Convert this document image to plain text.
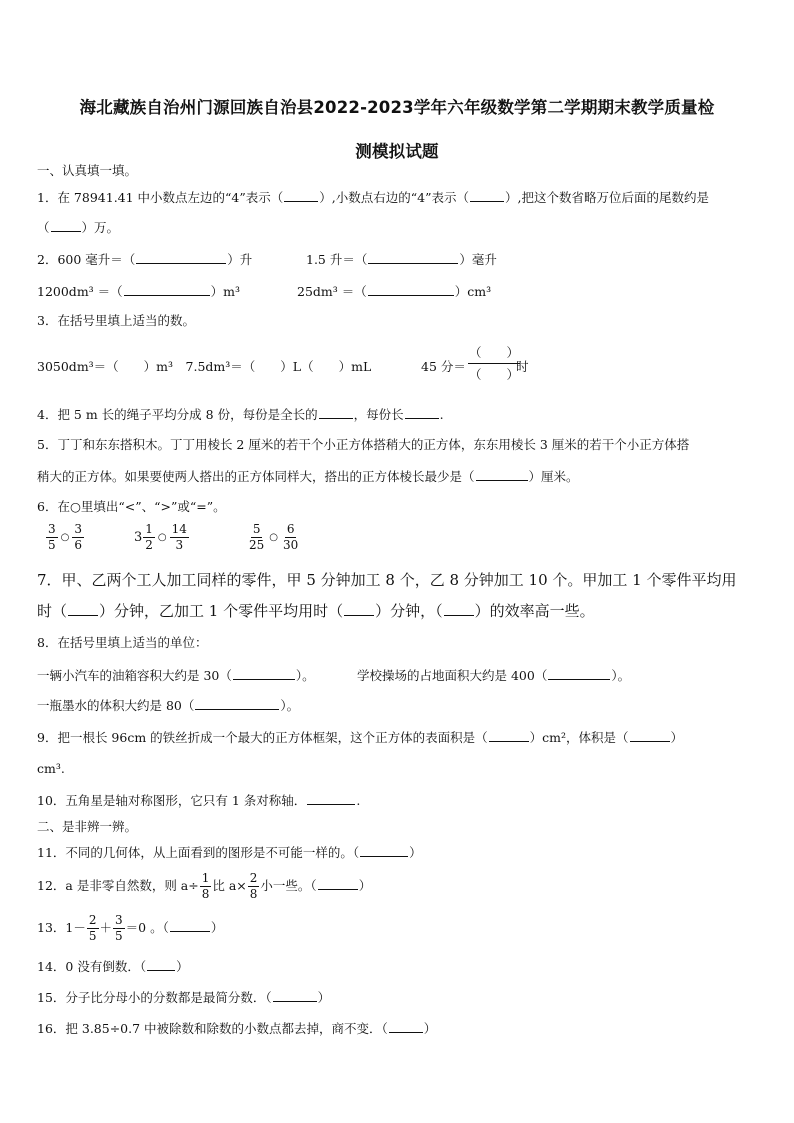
海北藏族自治州门源回族自治县2022-2023学年六年级数学第二学期期末教学质量检
测模拟试题
一、认真填一填。
1．在 78941.41 中小数点左边的“4”表示（	）,小数点右边的“4”表示（	）,把这个数省略万位后面的尾数约是
（	）万。
2．600 毫升＝（	）升	1.5 升＝（	）毫升
1200dm³ ＝（	）m³	25dm³ ＝（	）cm³
3．在括号里填上适当的数。
3050dm³＝（　　）m³　7.5dm³＝（　　）L（　　）mL	45 分＝
（　　）
（　　）
时
4．把 5 m 长的绳子平均分成 8 份，每份是全长的	，每份长	.
5．丁丁和东东搭积木。丁丁用棱长 2 厘米的若干个小正方体搭稍大的正方体，东东用棱长 3 厘米的若干个小正方体搭
稍大的正方体。如果要使两人搭出的正方体同样大，搭出的正方体棱长最少是（	）厘米。
6．在○里填出“<”、“>”或“=”。
$\frac{3}{5}$ ○ $\frac{3}{6}$	$3 \frac{1}{2}$ ○ $\frac{14}{3}$	$\frac{5}{25}$ ○ $\frac{6}{30}$
7．甲、乙两个工人加工同样的零件，甲 5 分钟加工 8 个，乙 8 分钟加工 10 个。甲加工 1 个零件平均用
时（ ）分钟，乙加工 1 个零件平均用时（ ）分钟，（ ）的效率高一些。
8．在括号里填上适当的单位：
一辆小汽车的油箱容积大约是 30（	）。	学校操场的占地面积大约是 400（	）。
一瓶墨水的体积大约是 80（	）。
9．把一根长 96cm 的铁丝折成一个最大的正方体框架，这个正方体的表面积是（	）cm²，体积是（	）
cm³.
10．五角星是轴对称图形，它只有 1 条对称轴．	.
二、是非辨一辨。
11．不同的几何体，从上面看到的图形是不可能一样的。（	）
12．a 是非零自然数，则 $a\div \frac{1}{8}$ 比 $a\times \frac{2}{8}$ 小一些。（	）
13．$1- \frac{2}{5} + \frac{3}{5} =0$ 。（	）
14．0 没有倒数．（ ）
15．分子比分母小的分数都是最简分数．（	）
16．把 3.85÷0.7 中被除数和除数的小数点都去掉，商不变．（	）
